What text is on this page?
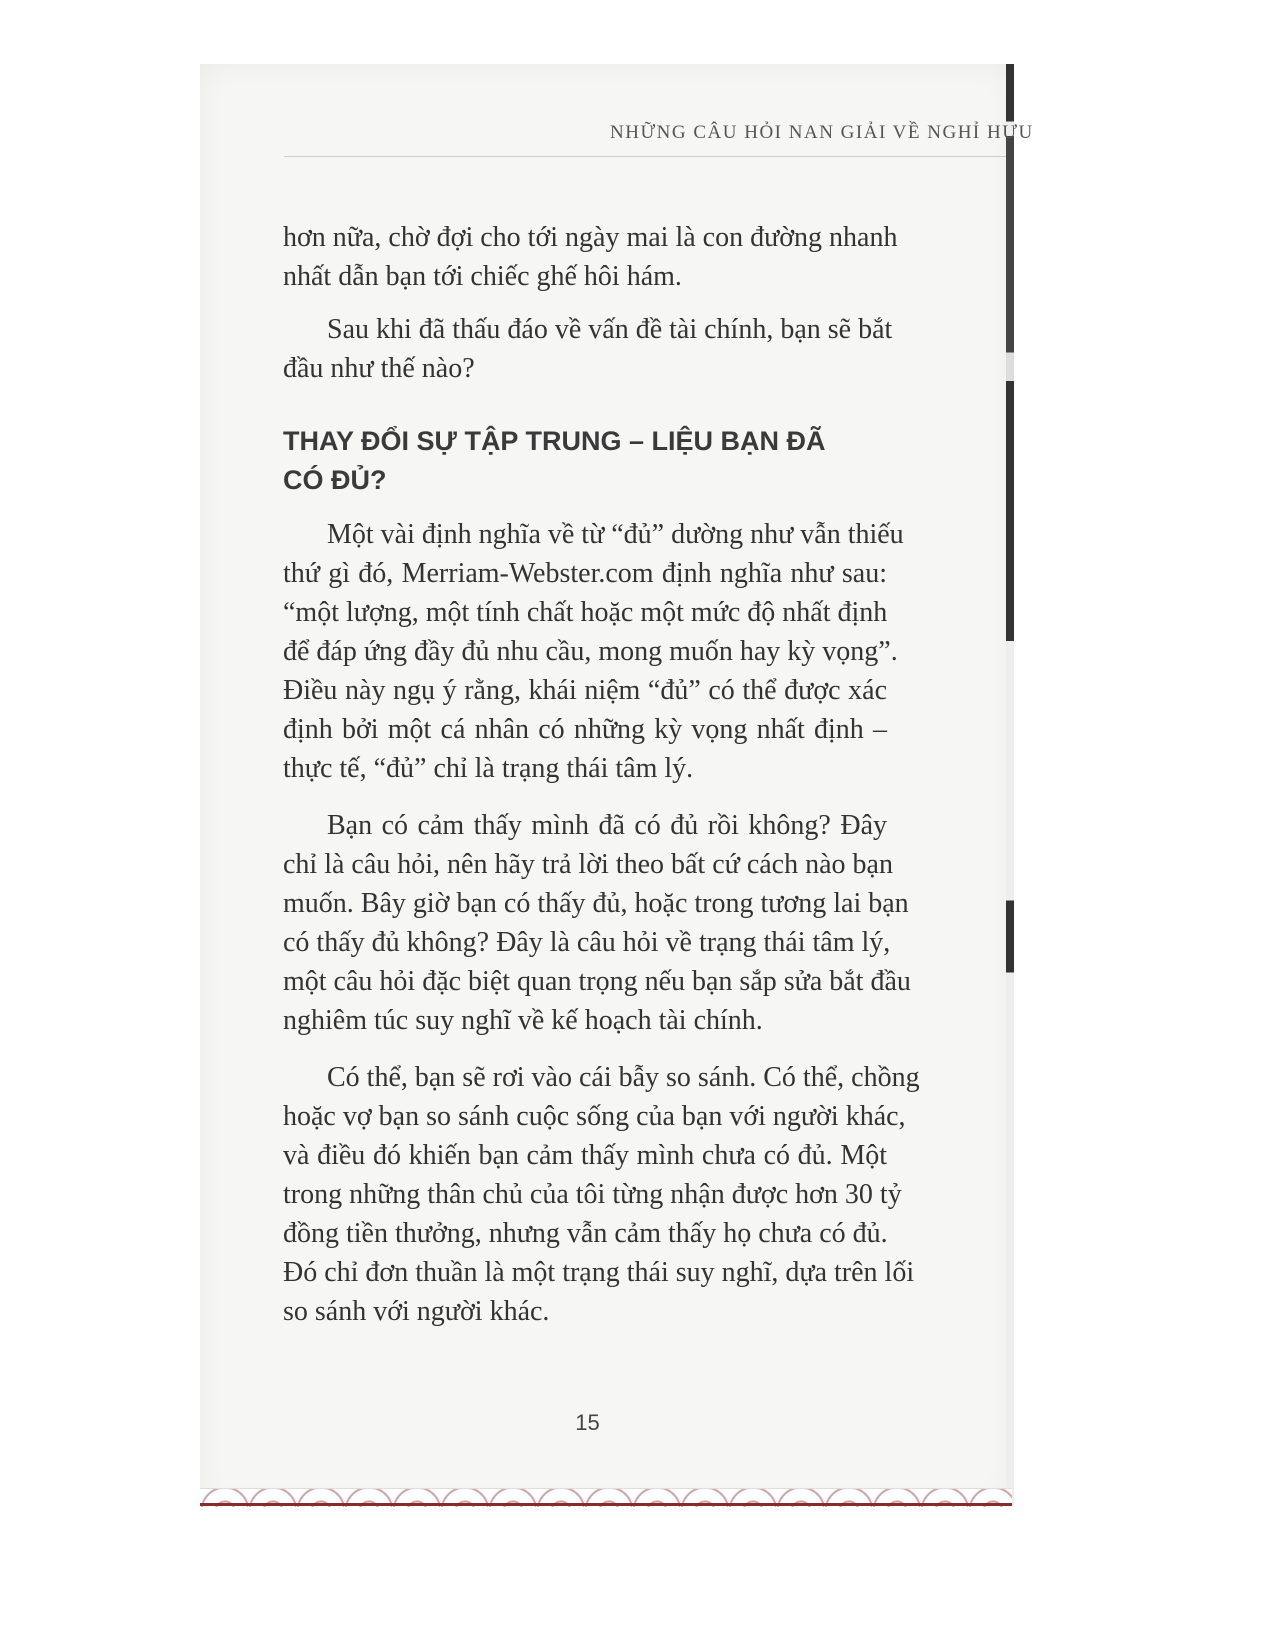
NHỮNG CÂU HỎI NAN GIẢI VỀ NGHỈ HƯU
hơn nữa, chờ đợi cho tới ngày mai là con đường nhanh
nhất dẫn bạn tới chiếc ghế hôi hám.
Sau khi đã thấu đáo về vấn đề tài chính, bạn sẽ bắt
đầu như thế nào?
THAY ĐỔI SỰ TẬP TRUNG – LIỆU BẠN ĐÃ
CÓ ĐỦ?
Một vài định nghĩa về từ “đủ” dường như vẫn thiếu
thứ gì đó, Merriam-Webster.com định nghĩa như sau:
“một lượng, một tính chất hoặc một mức độ nhất định
để đáp ứng đầy đủ nhu cầu, mong muốn hay kỳ vọng”.
Điều này ngụ ý rằng, khái niệm “đủ” có thể được xác
định bởi một cá nhân có những kỳ vọng nhất định –
thực tế, “đủ” chỉ là trạng thái tâm lý.
Bạn có cảm thấy mình đã có đủ rồi không? Đây
chỉ là câu hỏi, nên hãy trả lời theo bất cứ cách nào bạn
muốn. Bây giờ bạn có thấy đủ, hoặc trong tương lai bạn
có thấy đủ không? Đây là câu hỏi về trạng thái tâm lý,
một câu hỏi đặc biệt quan trọng nếu bạn sắp sửa bắt đầu
nghiêm túc suy nghĩ về kế hoạch tài chính.
Có thể, bạn sẽ rơi vào cái bẫy so sánh. Có thể, chồng
hoặc vợ bạn so sánh cuộc sống của bạn với người khác,
và điều đó khiến bạn cảm thấy mình chưa có đủ. Một
trong những thân chủ của tôi từng nhận được hơn 30 tỷ
đồng tiền thưởng, nhưng vẫn cảm thấy họ chưa có đủ.
Đó chỉ đơn thuần là một trạng thái suy nghĩ, dựa trên lối
so sánh với người khác.
15
